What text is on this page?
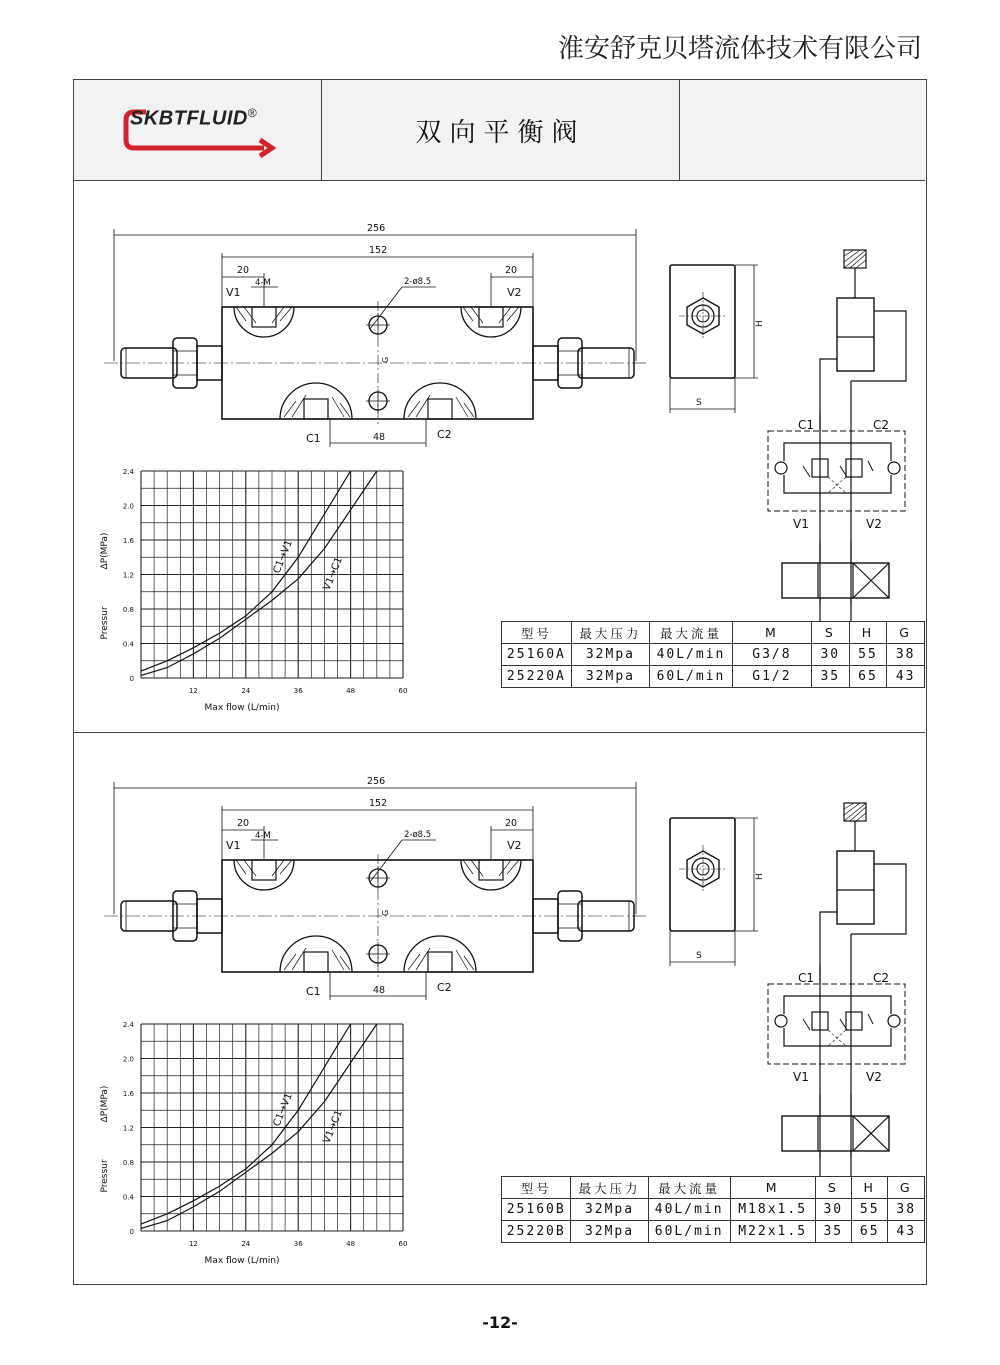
淮安舒克贝塔流体技术有限公司
SKBTFLUID®
双向平衡阀
256
152
20	20
4-M	2-ø8.5
48
G
V1	V2
C1	C2
H
S
C1	C2
V1	V2
0
0.4
0.8
1.2
1.6
2.0
2.4
12	24	36	48	60
Max flow (L/min)
ΔP(MPa)
Pressur
C1→V1	V1→C1
型号	最大压力	最大流量	M	S	H	G
25160A	32Mpa	40L/min	G3/8	30	55	38
25220A	32Mpa	60L/min	G1/2	35	65	43
256
152
20	20
4-M	2-ø8.5
48
G
V1	V2
C1	C2
H
S
C1	C2
V1	V2
0
0.4
0.8
1.2
1.6
2.0
2.4
12	24	36	48	60
Max flow (L/min)
ΔP(MPa)
Pressur
C1→V1	V1→C1
型号	最大压力	最大流量	M	S	H	G
25160B	32Mpa	40L/min	M18x1.5	30	55	38
25220B	32Mpa	60L/min	M22x1.5	35	65	43
-12-
